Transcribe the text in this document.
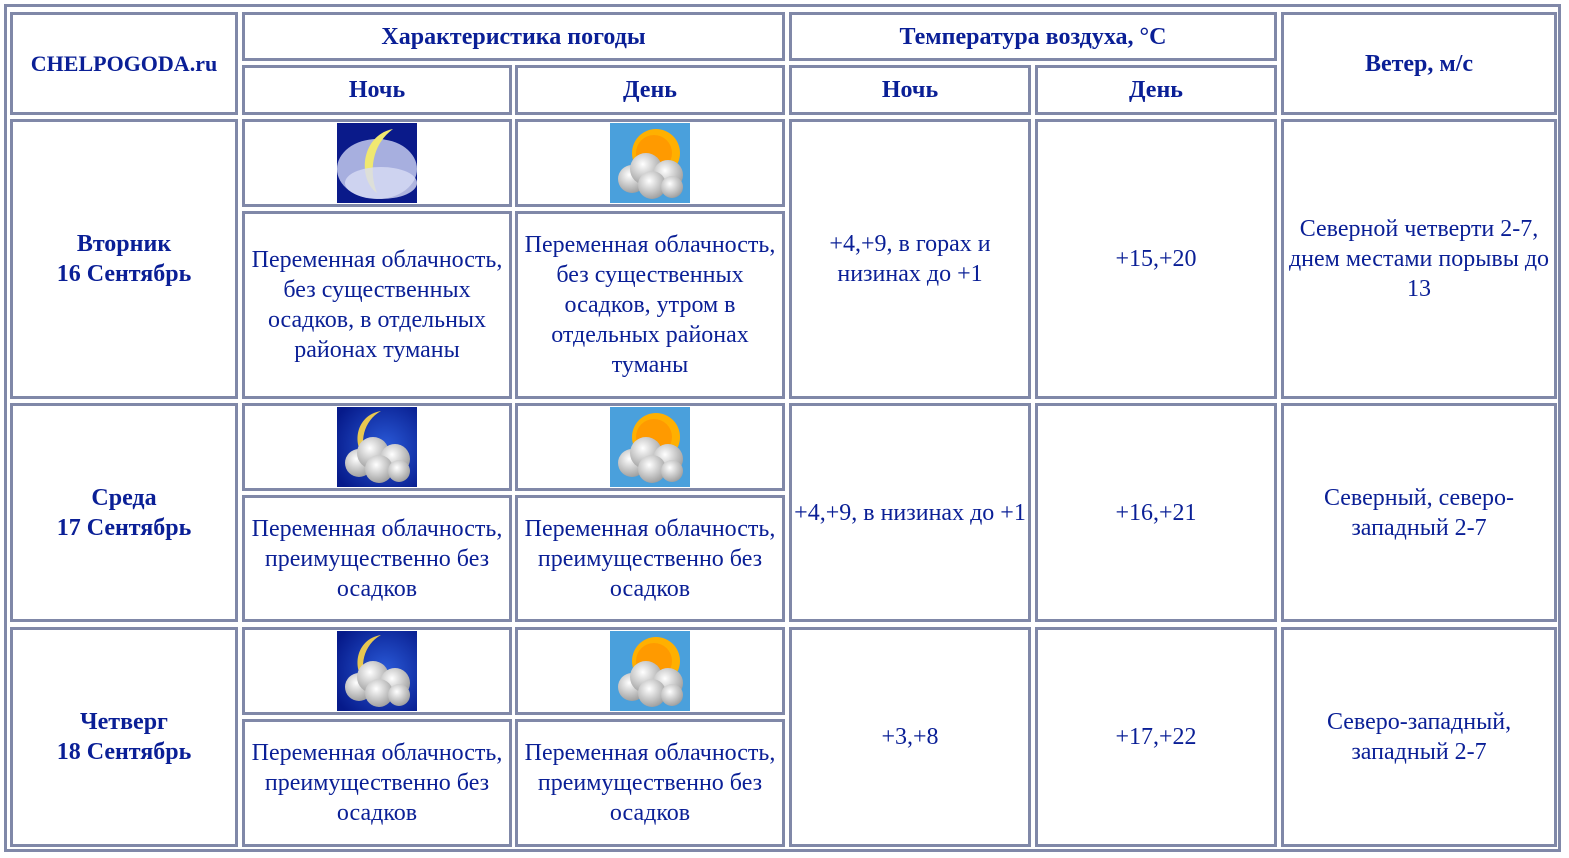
CHELPOGODA.ru
Характеристика погоды	Температура воздуха, °C
Ветер, м/с
Ночь	День	Ночь	День
Вторник
16 Сентябрь
Переменная облачность, без существенных осадков, в отдельных районах туманы
Переменная облачность, без существенных осадков, утром в отдельных районах туманы
+4,+9, в горах и низинах до +1
+15,+20
Северной четверти 2-7, днем местами порывы до 13
Среда
17 Сентябрь	Переменная облачность, преимущественно без осадков
Переменная облачность, преимущественно без осадков
+4,+9, в низинах до +1	+16,+21
Северный, северо-западный 2-7
Четверг
18 Сентябрь	Переменная облачность, преимущественно без осадков
Переменная облачность, преимущественно без осадков
+3,+8	+17,+22
Северо-западный, западный 2-7
